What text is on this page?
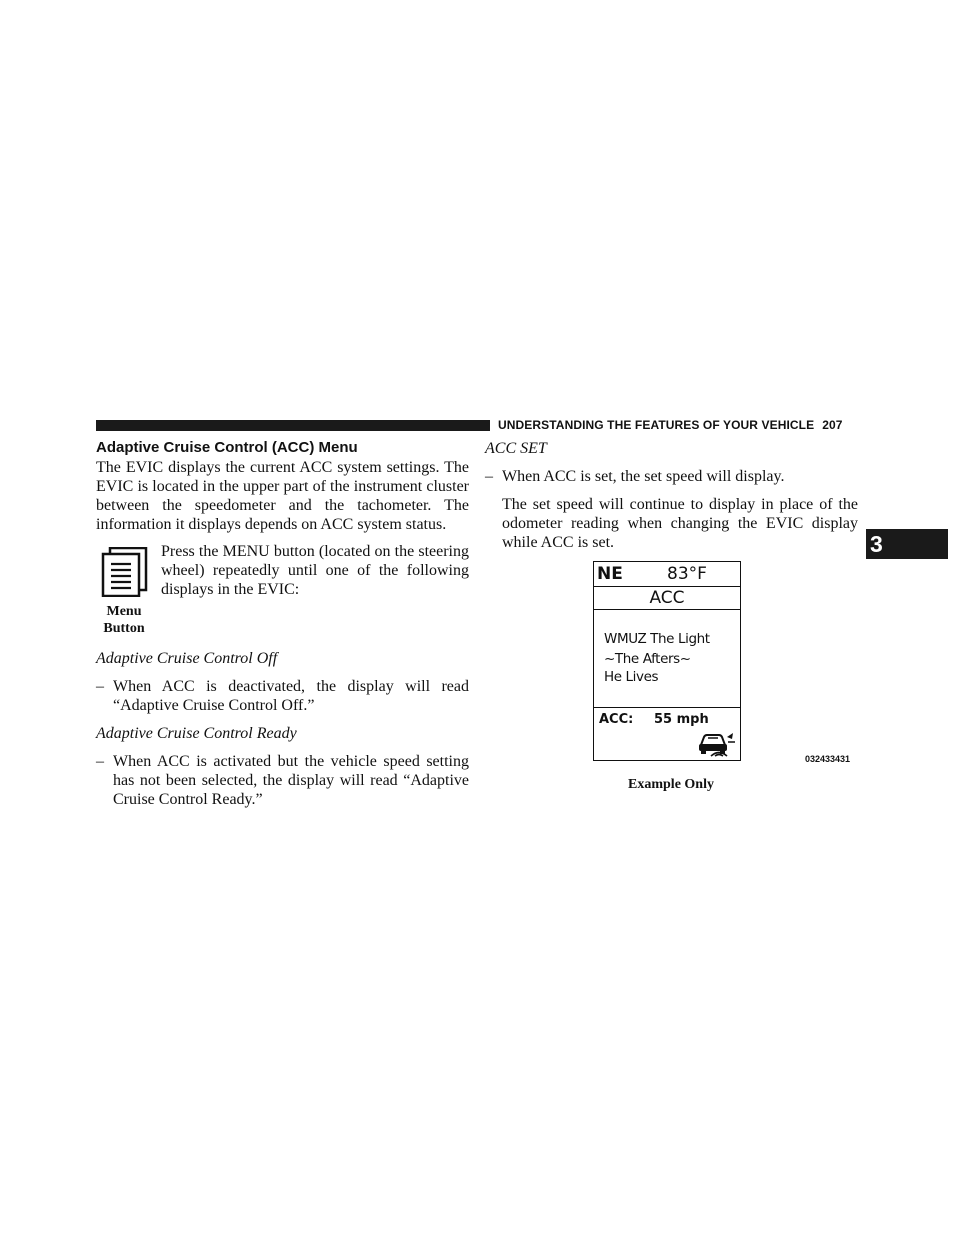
UNDERSTANDING THE FEATURES OF YOUR VEHICLE 207
3
Adaptive Cruise Control (ACC) Menu
The EVIC displays the current ACC system settings. The EVIC is located in the upper part of the instrument cluster between the speedometer and the tachometer. The information it displays depends on ACC system status.
Menu
Button
Press the MENU button (located on the steering wheel) repeatedly until one of the following displays in the EVIC:
Adaptive Cruise Control Off
– When ACC is deactivated, the display will read “Adaptive Cruise Control Off.”
Adaptive Cruise Control Ready
– When ACC is activated but the vehicle speed setting has not been selected, the display will read “Adaptive Cruise Control Ready.”
ACC SET
– When ACC is set, the set speed will display.
The set speed will continue to display in place of the odometer reading when changing the EVIC display while ACC is set.
NE	83°F
ACC
WMUZ The Light
~The Afters~
He Lives
ACC: 55 mph
032433431
Example Only
